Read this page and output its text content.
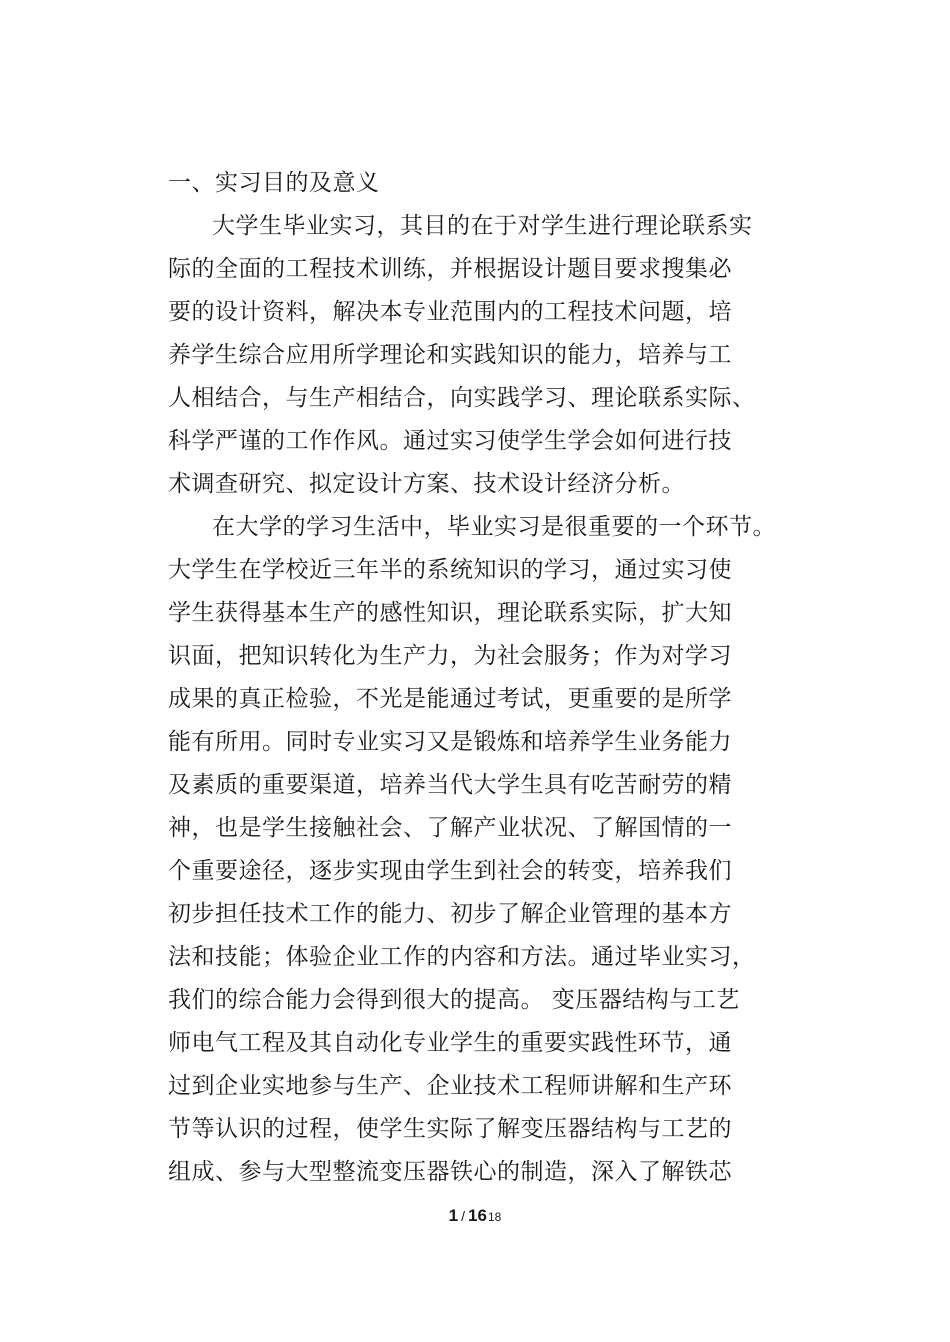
一、实习目的及意义
大学生毕业实习，其目的在于对学生进行理论联系实
际的全面的工程技术训练，并根据设计题目要求搜集必
要的设计资料，解决本专业范围内的工程技术问题，培
养学生综合应用所学理论和实践知识的能力，培养与工
人相结合，与生产相结合，向实践学习、理论联系实际、
科学严谨的工作作风。通过实习使学生学会如何进行技
术调查研究、拟定设计方案、技术设计经济分析。
在大学的学习生活中，毕业实习是很重要的一个环节。
大学生在学校近三年半的系统知识的学习，通过实习使
学生获得基本生产的感性知识，理论联系实际，扩大知
识面，把知识转化为生产力，为社会服务；作为对学习
成果的真正检验，不光是能通过考试，更重要的是所学
能有所用。同时专业实习又是锻炼和培养学生业务能力
及素质的重要渠道，培养当代大学生具有吃苦耐劳的精
神，也是学生接触社会、了解产业状况、了解国情的一
个重要途径，逐步实现由学生到社会的转变，培养我们
初步担任技术工作的能力、初步了解企业管理的基本方
法和技能；体验企业工作的内容和方法。通过毕业实习，
我们的综合能力会得到很大的提高。 变压器结构与工艺
师电气工程及其自动化专业学生的重要实践性环节，通
过到企业实地参与生产、企业技术工程师讲解和生产环
节等认识的过程，使学生实际了解变压器结构与工艺的
组成、参与大型整流变压器铁心的制造，深入了解铁芯
1 / 1618
